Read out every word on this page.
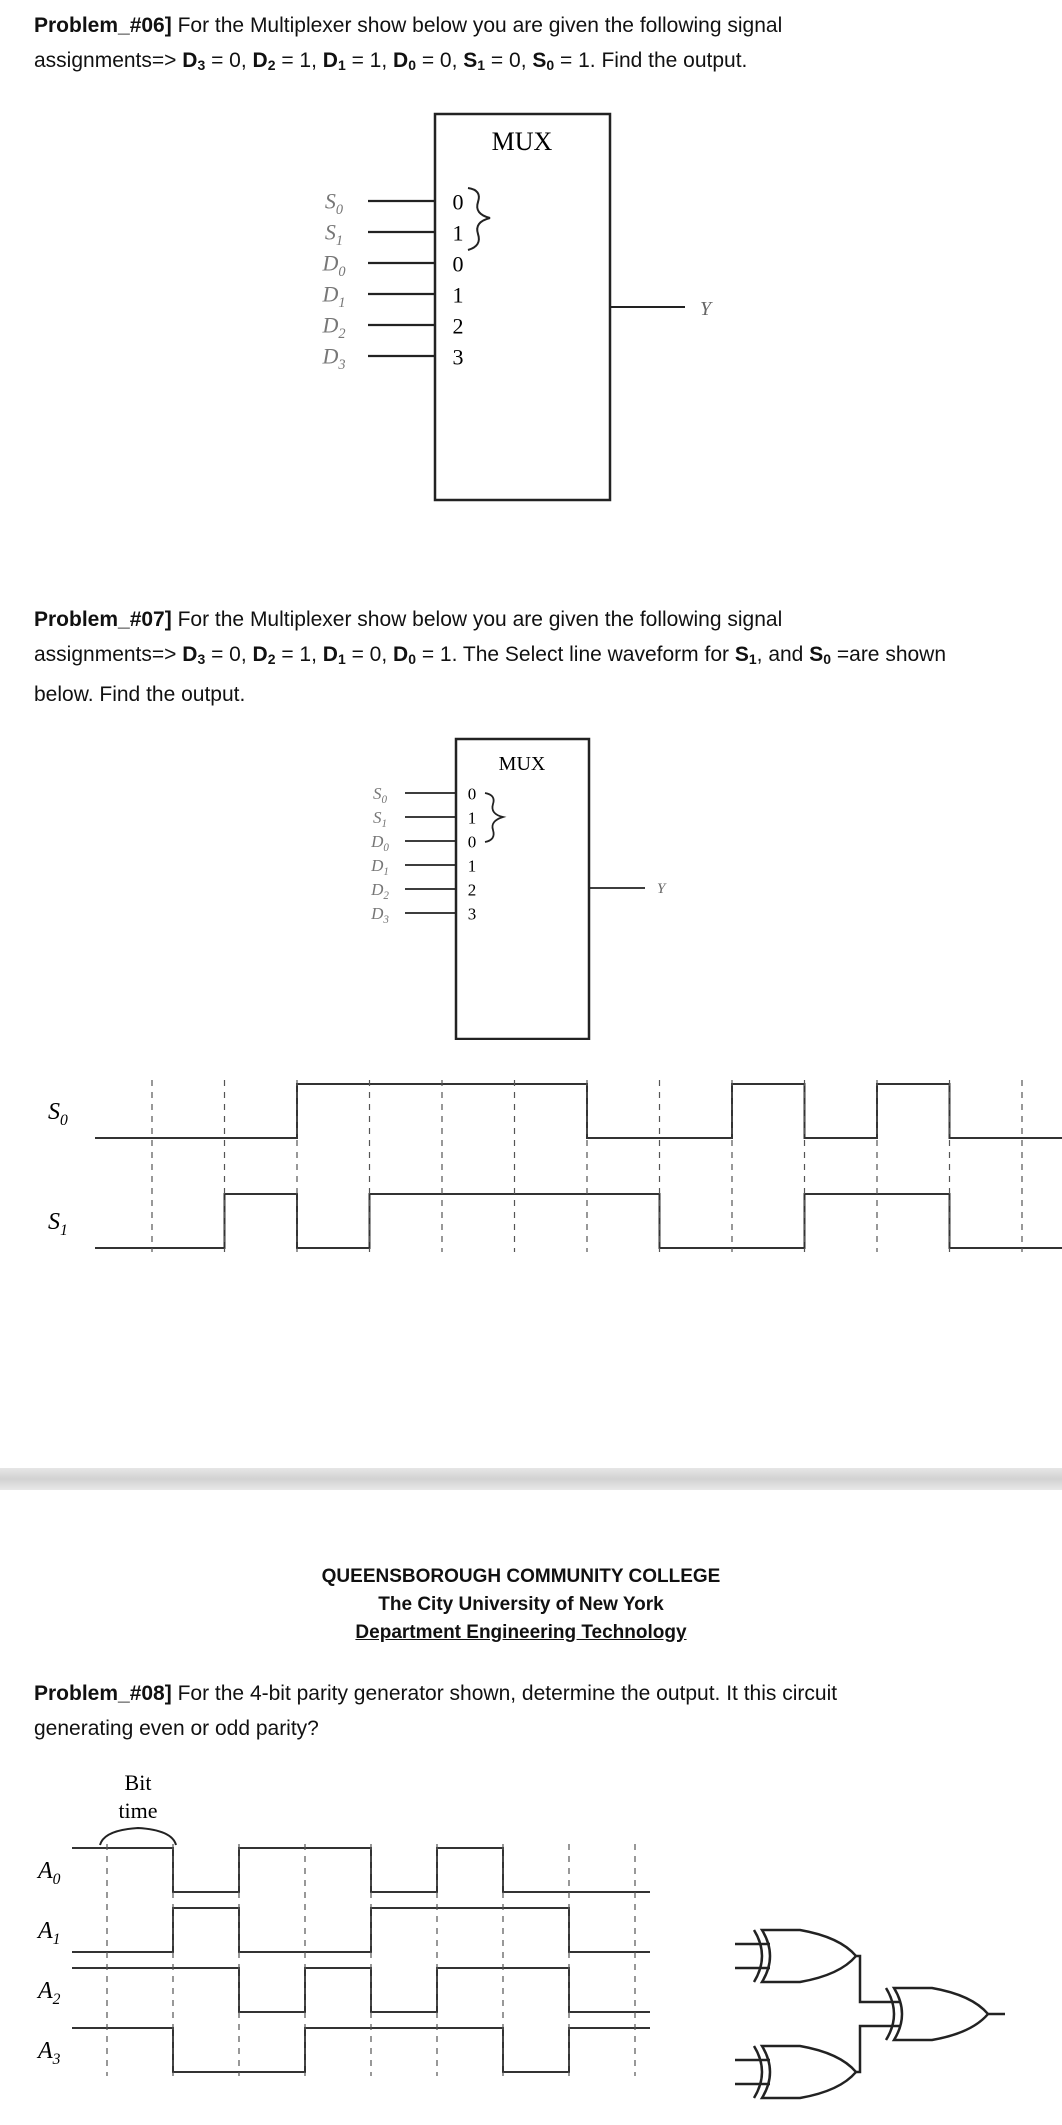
Problem_#06] For the Multiplexer show below you are given the following signal
assignments=> $D_3 = 0$, $D_2 = 1$, $D_1 = 1$, $D_0 = 0$, $S_1 = 0$, $S_0 = 1$. Find the output.
MUX
$S_0$	0
$S_1$	1
$D_0$	0
$D_1$	1
$D_2$	2
$D_3$	3
Y
Problem_#07] For the Multiplexer show below you are given the following signal
assignments=> $D_3 = 0$, $D_2 = 1$, $D_1 = 0$, $D_0 = 1$. The Select line waveform for $S_1$, and $S_0 =are$ shown
below. Find the output.
MUX
$S_0$	0
$S_1$	1
$D_0$	0
$D_1$	1
$D_2$	2
$D_3$	3
Y
$S_0$
$S_1$
QUEENSBOROUGH COMMUNITY COLLEGE
The City University of New York
Department Engineering Technology
Problem_#08] For the 4-bit parity generator shown, determine the output. It this circuit
generating even or odd parity?
Bit
time
$A_0$
$A_1$
$A_2$
$A_3$
